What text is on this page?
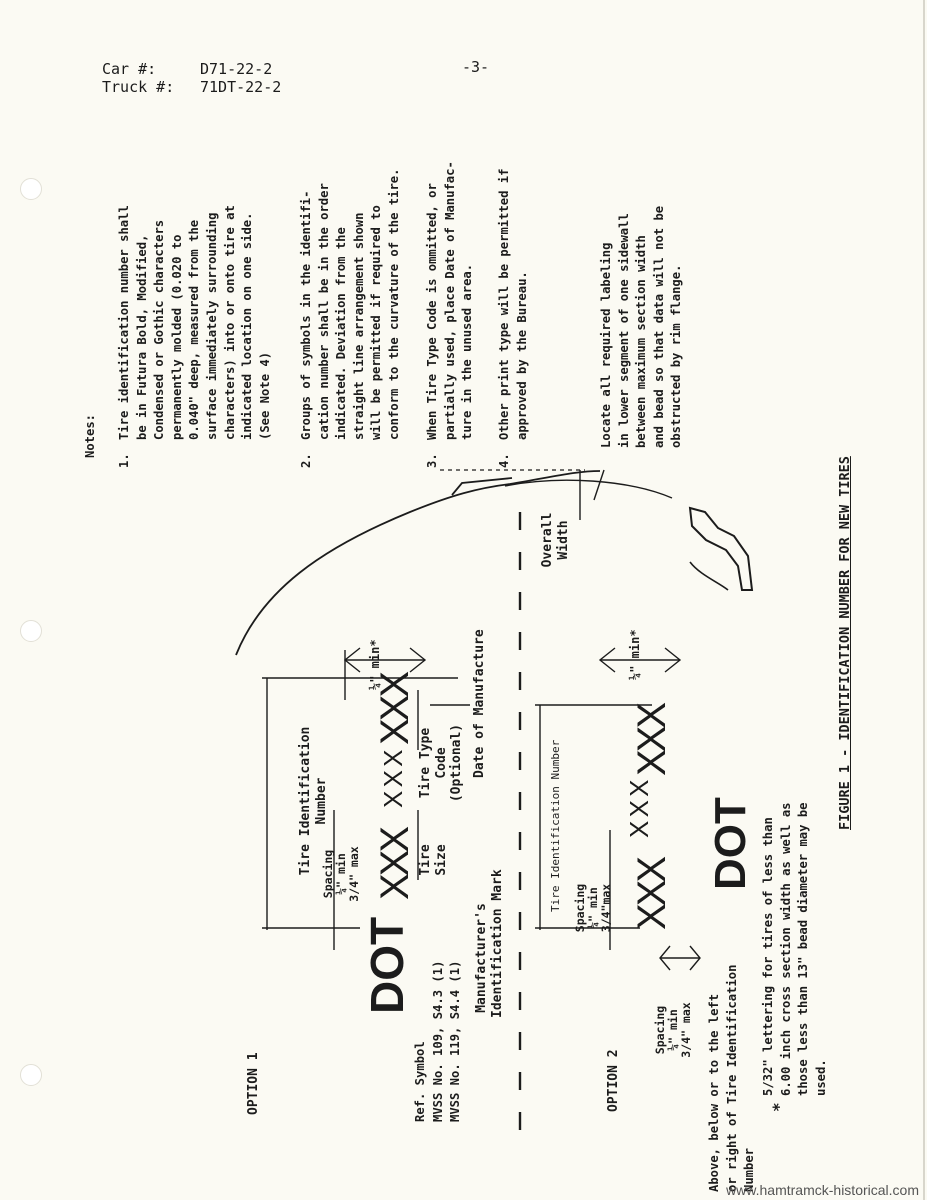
Car #:	D71-22-2
Truck #: 71DT-22-2
-3-
Notes:
1.
Tire identification number shall be in Futura Bold, Modified, Condensed or Gothic characters permanently molded (0.020 to 0.040" deep, measured from the surface immediately surrounding characters) into or onto tire at indicated location on one side. (See Note 4)
2.
Groups of symbols in the identifi- cation number shall be in the order indicated. Deviation from the straight line arrangement shown will be permitted if required to conform to the curvature of the tire.
3.
When Tire Type Code is ommitted, or partially used, place Date of Manufac- ture in the unused area.
4.
Other print type will be permitted if approved by the Bureau.	Locate all required labeling in lower segment of one sidewall between maximum section width and bead so that data will not be obstructed by rim flange.
Overall Width
OPTION 1	Ref. Symbol MVSS No. 109, S4.3 (1) MVSS No. 119, S4.4 (1)
DOT	Manufacturer's Identification Mark
Tire Identification Number
Spacing ¼" min 3/4" max XXX Tire Size
X X X Tire Type Code (Optional)
XXX	Date of Manufacture
¼" min*
OPTION 2
Tire Identification Number Spacing ¼" min 3/4"max XXX
X X X
XXX
¼" min*
DOT
Spacing ¼" min 3/4" max Above, below or to the left or right of Tire Identification Number
*
5/32" lettering for tires of less than 6.00 inch cross section width as well as those less than 13" bead diameter may be used.
FIGURE 1 - IDENTIFICATION NUMBER FOR NEW TIRES
www.hamtramck-historical.com
